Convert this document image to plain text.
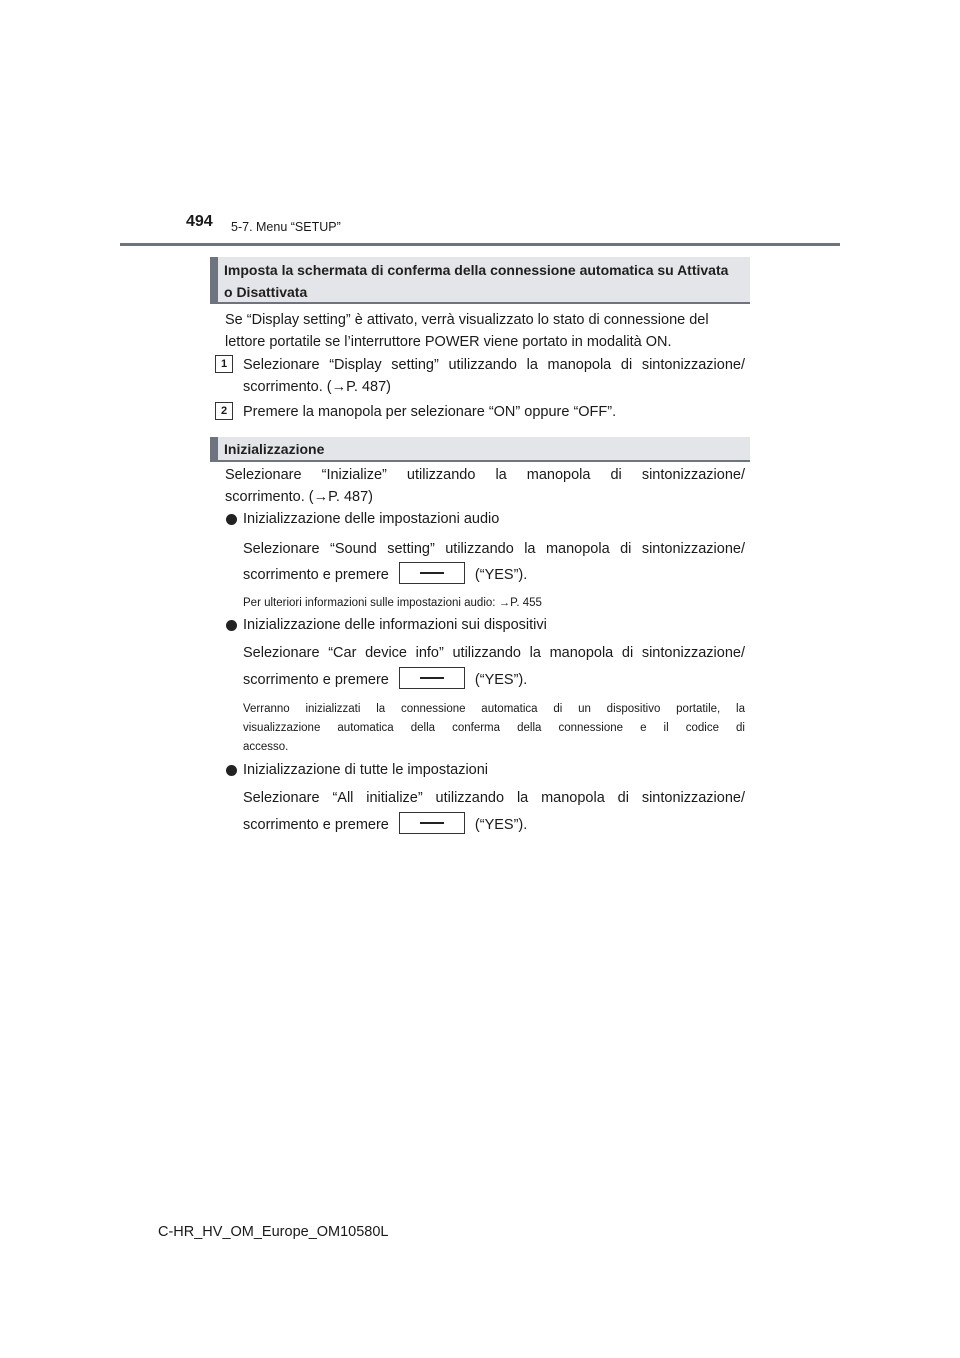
494 5-7. Menu “SETUP”
Imposta la schermata di conferma della connessione automatica su Attivata
o Disattivata
Se “Display setting” è attivato, verrà visualizzato lo stato di connessione del
lettore portatile se l’interruttore POWER viene portato in modalità ON.
1	Selezionare “Display setting” utilizzando la manopola di sintonizzazione/
scorrimento. (→P. 487)
2	Premere la manopola per selezionare “ON” oppure “OFF”.
Inizializzazione
Selezionare “Inizialize” utilizzando la manopola di sintonizzazione/
scorrimento. (→P. 487)
Inizializzazione delle impostazioni audio
Selezionare “Sound setting” utilizzando la manopola di sintonizzazione/
scorrimento e premere	(“YES”).
Per ulteriori informazioni sulle impostazioni audio: →P. 455
Inizializzazione delle informazioni sui dispositivi
Selezionare “Car device info” utilizzando la manopola di sintonizzazione/
scorrimento e premere	(“YES”).
Verranno inizializzati la connessione automatica di un dispositivo portatile, la
visualizzazione automatica della conferma della connessione e il codice di
accesso.
Inizializzazione di tutte le impostazioni
Selezionare “All initialize” utilizzando la manopola di sintonizzazione/
scorrimento e premere	(“YES”).
C-HR_HV_OM_Europe_OM10580L
